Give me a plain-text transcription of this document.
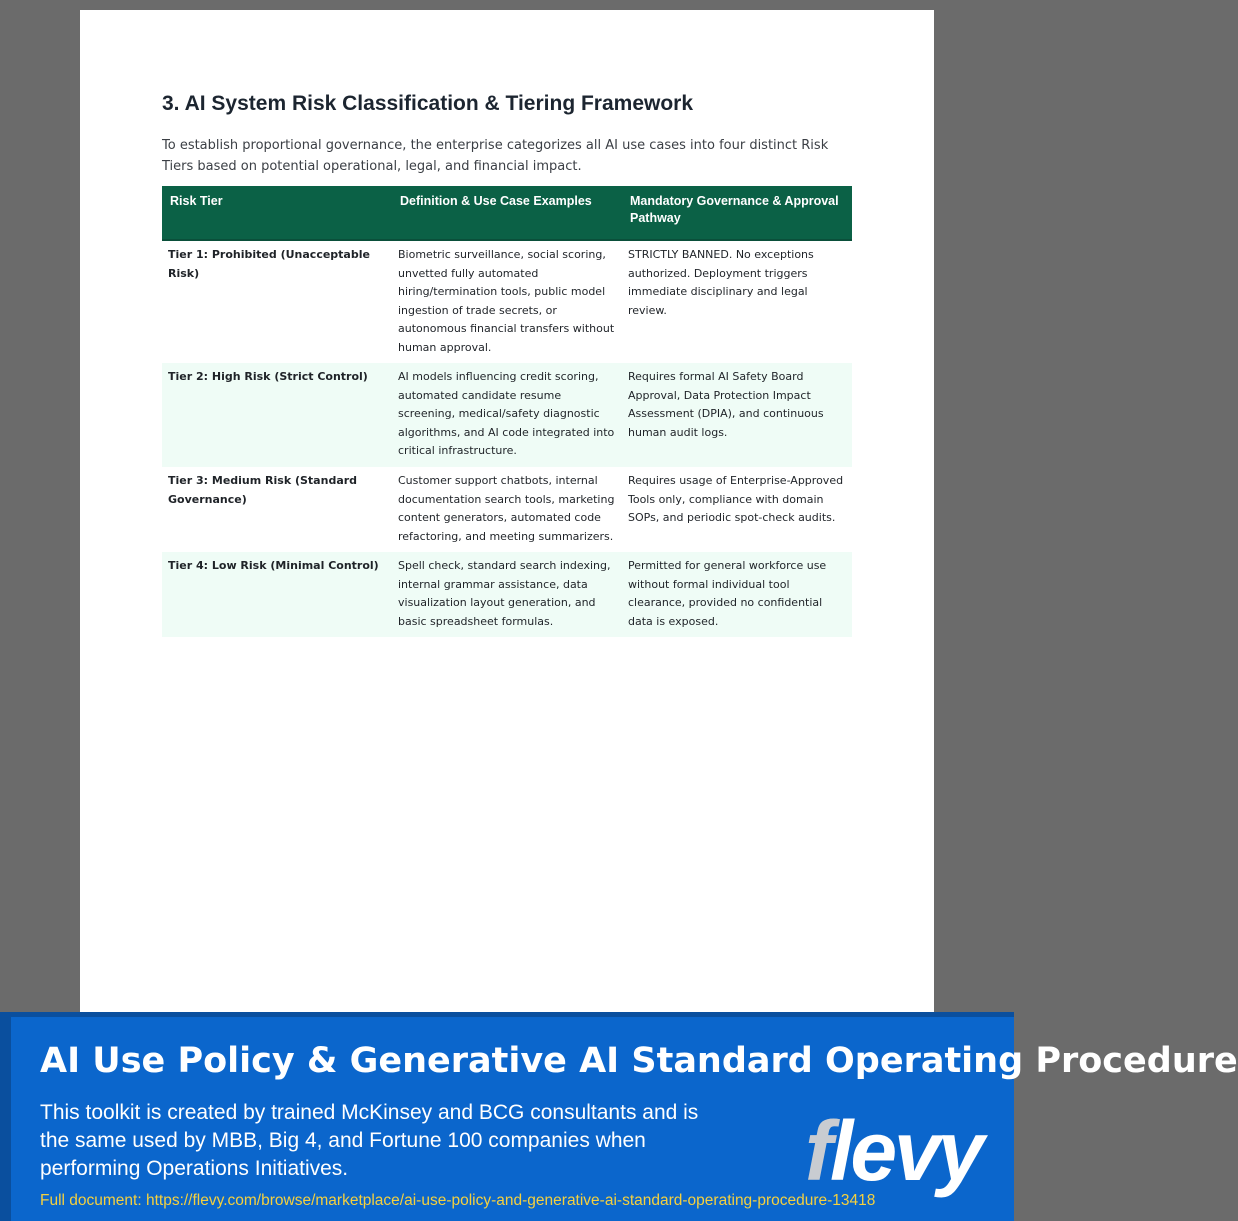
3. AI System Risk Classification & Tiering Framework

To establish proportional governance, the enterprise categorizes all AI use cases into four distinct Risk Tiers based on potential operational, legal, and financial impact.

Risk Tier	Definition & Use Case Examples	Mandatory Governance & Approval Pathway
Tier 1: Prohibited (Unacceptable Risk)	Biometric surveillance, social scoring, unvetted fully automated hiring/termination tools, public model ingestion of trade secrets, or autonomous financial transfers without human approval.	STRICTLY BANNED. No exceptions authorized. Deployment triggers immediate disciplinary and legal review.
Tier 2: High Risk (Strict Control)	AI models influencing credit scoring, automated candidate resume screening, medical/safety diagnostic algorithms, and AI code integrated into critical infrastructure.	Requires formal AI Safety Board Approval, Data Protection Impact Assessment (DPIA), and continuous human audit logs.
Tier 3: Medium Risk (Standard Governance)	Customer support chatbots, internal documentation search tools, marketing content generators, automated code refactoring, and meeting summarizers.	Requires usage of Enterprise-Approved Tools only, compliance with domain SOPs, and periodic spot-check audits.
Tier 4: Low Risk (Minimal Control)	Spell check, standard search indexing, internal grammar assistance, data visualization layout generation, and basic spreadsheet formulas.	Permitted for general workforce use without formal individual tool clearance, provided no confidential data is exposed.
AI Use Policy & Generative AI Standard Operating Procedure

This toolkit is created by trained McKinsey and BCG consultants and is the same used by MBB, Big 4, and Fortune 100 companies when performing Operations Initiatives.

Full document: https://flevy.com/browse/marketplace/ai-use-policy-and-generative-ai-standard-operating-procedure-13418

flevy
